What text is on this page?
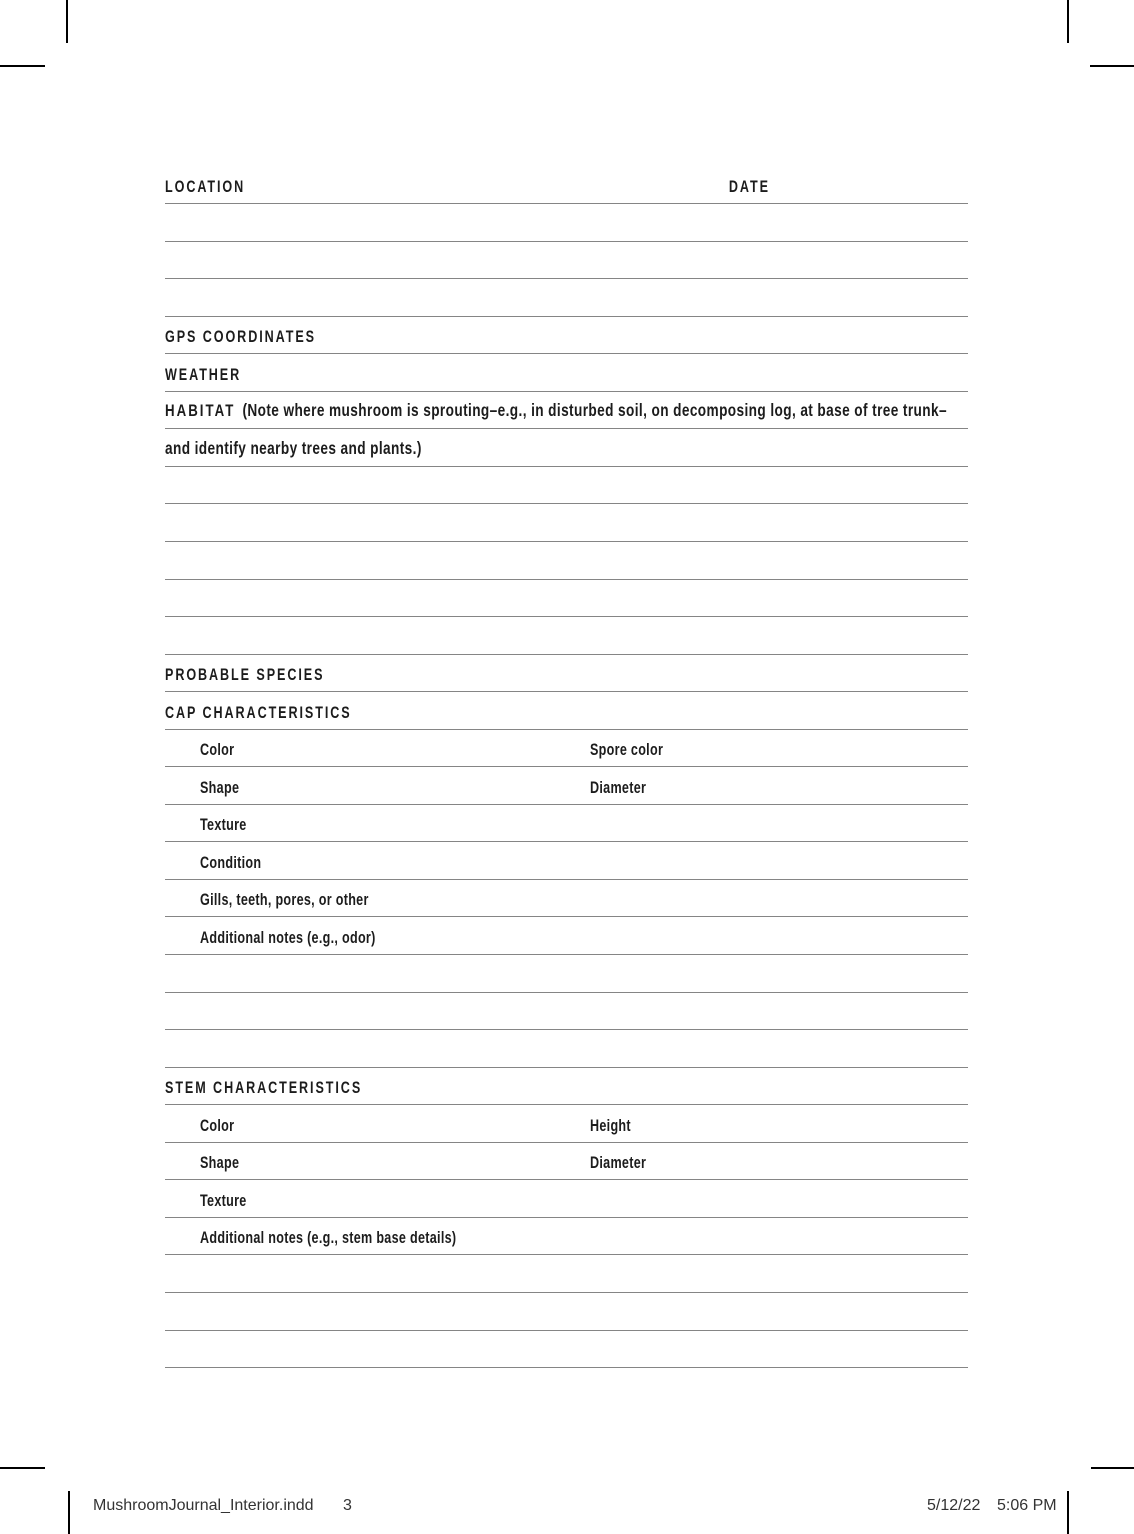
LOCATION	DATE
GPS COORDINATES
WEATHER
HABITAT (Note where mushroom is sprouting–e.g., in disturbed soil, on decomposing log, at base of tree trunk–
and identify nearby trees and plants.)
PROBABLE SPECIES
CAP CHARACTERISTICS
Color	Spore color
Shape	Diameter
Texture
Condition
Gills, teeth, pores, or other
Additional notes (e.g., odor)
STEM CHARACTERISTICS
Color	Height
Shape	Diameter
Texture
Additional notes (e.g., stem base details)
MushroomJournal_Interior.indd 3	5/12/22 5:06 PM
